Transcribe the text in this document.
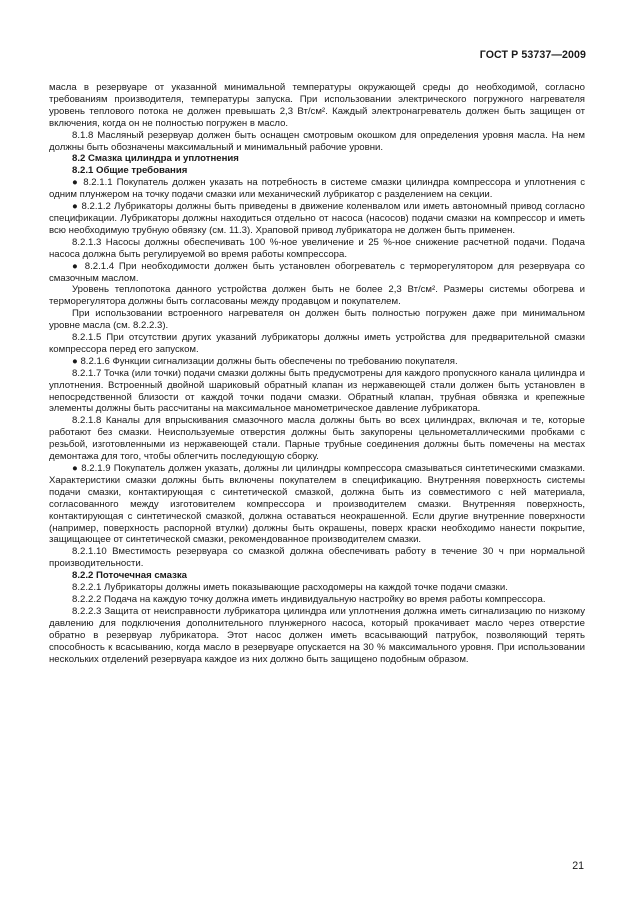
ГОСТ Р 53737—2009

масла в резервуаре от указанной минимальной температуры окружающей среды до необходимой, согласно требованиям производителя, температуры запуска. При использовании электрического погружного нагревателя уровень теплового потока не должен превышать 2,3 Вт/см². Каждый электронагреватель должен быть защищен от включения, когда он не полностью погружен в масло.

8.1.8 Масляный резервуар должен быть оснащен смотровым окошком для определения уровня масла. На нем должны быть обозначены максимальный и минимальный рабочие уровни.

8.2 Смазка цилиндра и уплотнения

8.2.1 Общие требования

● 8.2.1.1 Покупатель должен указать на потребность в системе смазки цилиндра компрессора и уплотнения с одним плунжером на точку подачи смазки или механический лубрикатор с разделением на секции.

● 8.2.1.2 Лубрикаторы должны быть приведены в движение коленвалом или иметь автономный привод согласно спецификации. Лубрикаторы должны находиться отдельно от насоса (насосов) подачи смазки на компрессор и иметь всю необходимую трубную обвязку (см. 11.3). Храповой привод лубрикатора не должен быть применен.

8.2.1.3 Насосы должны обеспечивать 100 %-ное увеличение и 25 %-ное снижение расчетной подачи. Подача насоса должна быть регулируемой во время работы компрессора.

● 8.2.1.4 При необходимости должен быть установлен обогреватель с терморегулятором для резервуара со смазочным маслом.

Уровень теплопотока данного устройства должен быть не более 2,3 Вт/см². Размеры системы обогрева и терморегулятора должны быть согласованы между продавцом и покупателем.

При использовании встроенного нагревателя он должен быть полностью погружен даже при минимальном уровне масла (см. 8.2.2.3).

8.2.1.5 При отсутствии других указаний лубрикаторы должны иметь устройства для предварительной смазки компрессора перед его запуском.

● 8.2.1.6 Функции сигнализации должны быть обеспечены по требованию покупателя.

8.2.1.7 Точка (или точки) подачи смазки должны быть предусмотрены для каждого пропускного канала цилиндра и уплотнения. Встроенный двойной шариковый обратный клапан из нержавеющей стали должен быть установлен в непосредственной близости от каждой точки подачи смазки. Обратный клапан, трубная обвязка и крепежные элементы должны быть рассчитаны на максимальное манометрическое давление лубрикатора.

8.2.1.8 Каналы для впрыскивания смазочного масла должны быть во всех цилиндрах, включая и те, которые работают без смазки. Неиспользуемые отверстия должны быть закупорены цельнометаллическими пробками с резьбой, изготовленными из нержавеющей стали. Парные трубные соединения должны быть помечены на местах демонтажа для того, чтобы облегчить последующую сборку.

● 8.2.1.9 Покупатель должен указать, должны ли цилиндры компрессора смазываться синтетическими смазками. Характеристики смазки должны быть включены покупателем в спецификацию. Внутренняя поверхность системы подачи смазки, контактирующая с синтетической смазкой, должна быть из совместимого с ней материала, согласованного между изготовителем компрессора и производителем смазки. Внутренняя поверхность, контактирующая с синтетической смазкой, должна оставаться неокрашенной. Если другие внутренние поверхности (например, поверхность распорной втулки) должны быть окрашены, поверх краски необходимо нанести покрытие, защищающее от синтетической смазки, рекомендованное производителем смазки.

8.2.1.10 Вместимость резервуара со смазкой должна обеспечивать работу в течение 30 ч при нормальной производительности.

8.2.2 Поточечная смазка

8.2.2.1 Лубрикаторы должны иметь показывающие расходомеры на каждой точке подачи смазки.

8.2.2.2 Подача на каждую точку должна иметь индивидуальную настройку во время работы компрессора.

8.2.2.3 Защита от неисправности лубрикатора цилиндра или уплотнения должна иметь сигнализацию по низкому давлению для подключения дополнительного плунжерного насоса, который прокачивает масло через отверстие обратно в резервуар лубрикатора. Этот насос должен иметь всасывающий патрубок, позволяющий терять способность к всасыванию, когда масло в резервуаре опускается на 30 % максимального уровня. При использовании нескольких отделений резервуара каждое из них должно быть защищено подобным образом.

21
